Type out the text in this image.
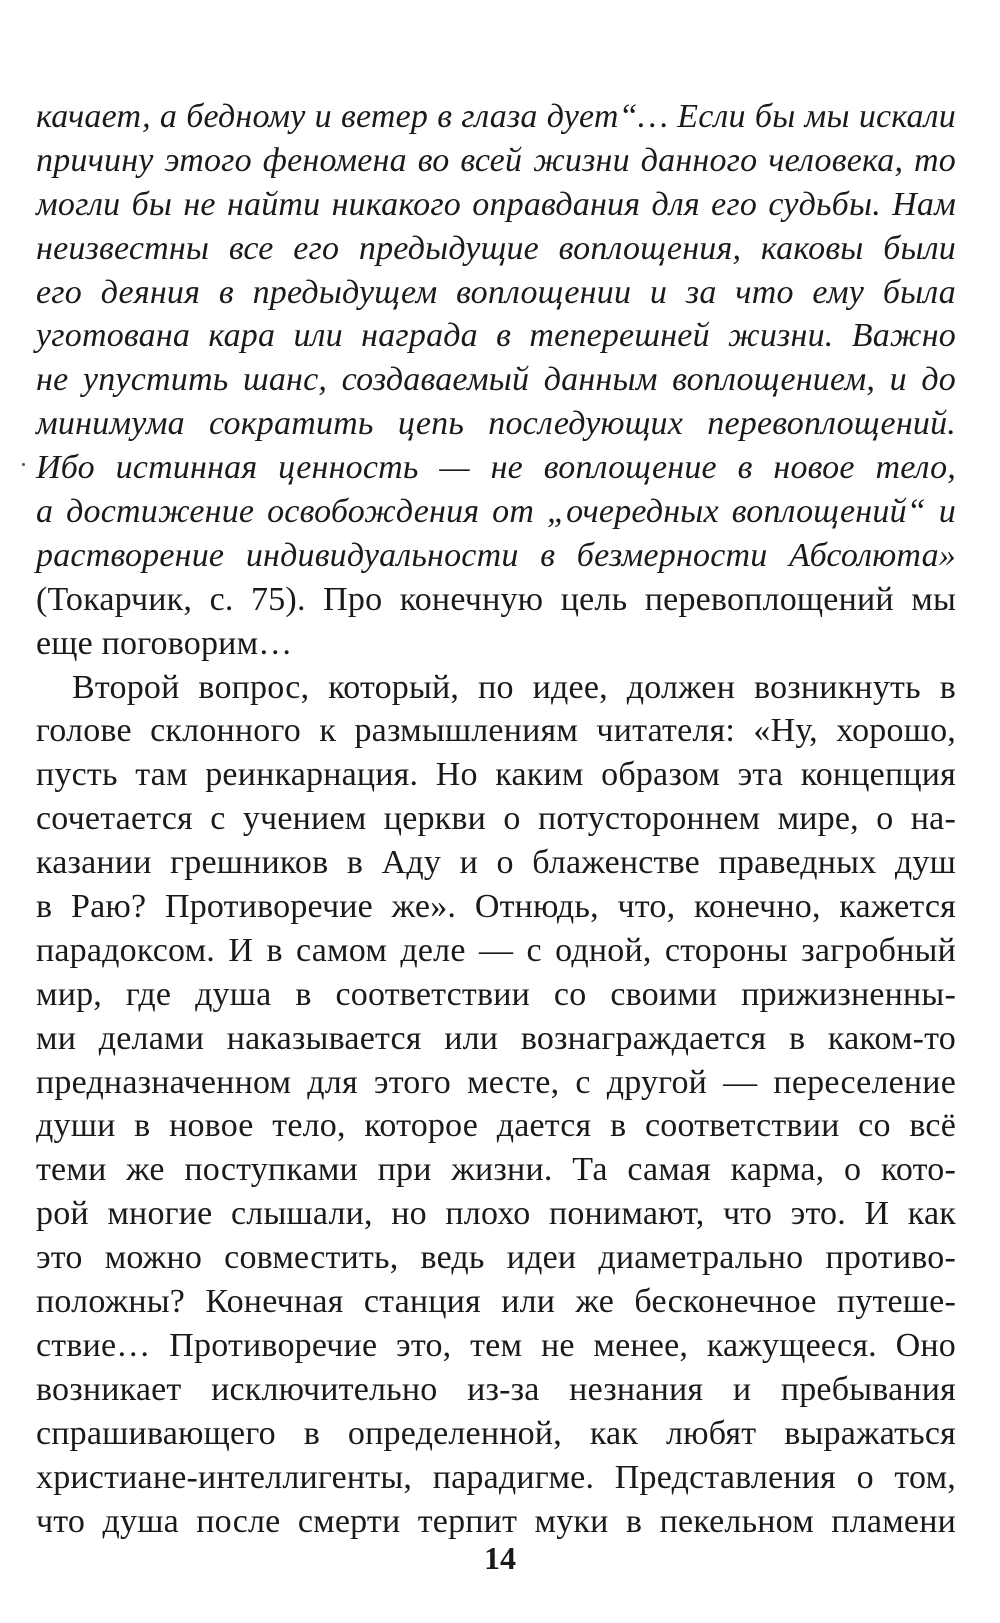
качает, а бедному и ветер в глаза дует“… Если бы мы искали
причину этого феномена во всей жизни данного человека, то
могли бы не найти никакого оправдания для его судьбы. Нам
неизвестны все его предыдущие воплощения, каковы были
его деяния в предыдущем воплощении и за что ему была
уготована кара или награда в теперешней жизни. Важно
не упустить шанс, создаваемый данным воплощением, и до
минимума сократить цепь последующих перевоплощений.
Ибо истинная ценность — не воплощение в новое тело,
а достижение освобождения от „очередных воплощений“ и
растворение индивидуальности в безмерности Абсолюта»
(Токарчик, с. 75). Про конечную цель перевоплощений мы
еще поговорим…
Второй вопрос, который, по идее, должен возникнуть в
голове склонного к размышлениям читателя: «Ну, хорошо,
пусть там реинкарнация. Но каким образом эта концепция
сочетается с учением церкви о потустороннем мире, о на-
казании грешников в Аду и о блаженстве праведных душ
в Раю? Противоречие же». Отнюдь, что, конечно, кажется
парадоксом. И в самом деле — с одной, стороны загробный
мир, где душа в соответствии со своими прижизненны-
ми делами наказывается или вознаграждается в каком-то
предназначенном для этого месте, с другой — переселение
души в новое тело, которое дается в соответствии со всё
теми же поступками при жизни. Та самая карма, о кото-
рой многие слышали, но плохо понимают, что это. И как
это можно совместить, ведь идеи диаметрально противо-
положны? Конечная станция или же бесконечное путеше-
ствие… Противоречие это, тем не менее, кажущееся. Оно
возникает исключительно из-за незнания и пребывания
спрашивающего в определенной, как любят выражаться
христиане-интеллигенты, парадигме. Представления о том,
что душа после смерти терпит муки в пекельном пламени
14
